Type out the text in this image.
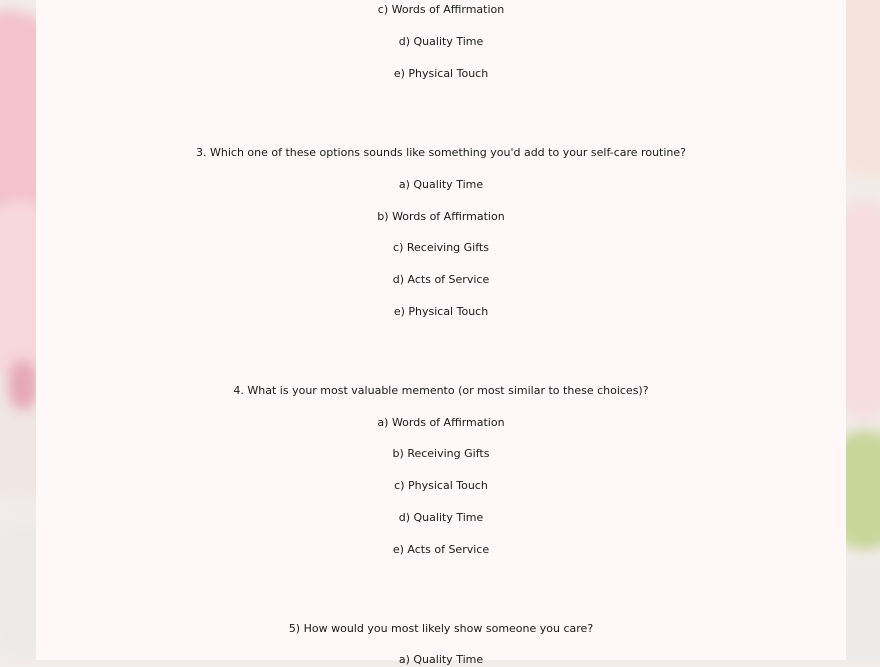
c) Words of Affirmation
d) Quality Time
e) Physical Touch
3. Which one of these options sounds like something you'd add to your self-care routine?
a) Quality Time
b) Words of Affirmation
c) Receiving Gifts
d) Acts of Service
e) Physical Touch
4. What is your most valuable memento (or most similar to these choices)?
a) Words of Affirmation
b) Receiving Gifts
c) Physical Touch
d) Quality Time
e) Acts of Service
5) How would you most likely show someone you care?
a) Quality Time
